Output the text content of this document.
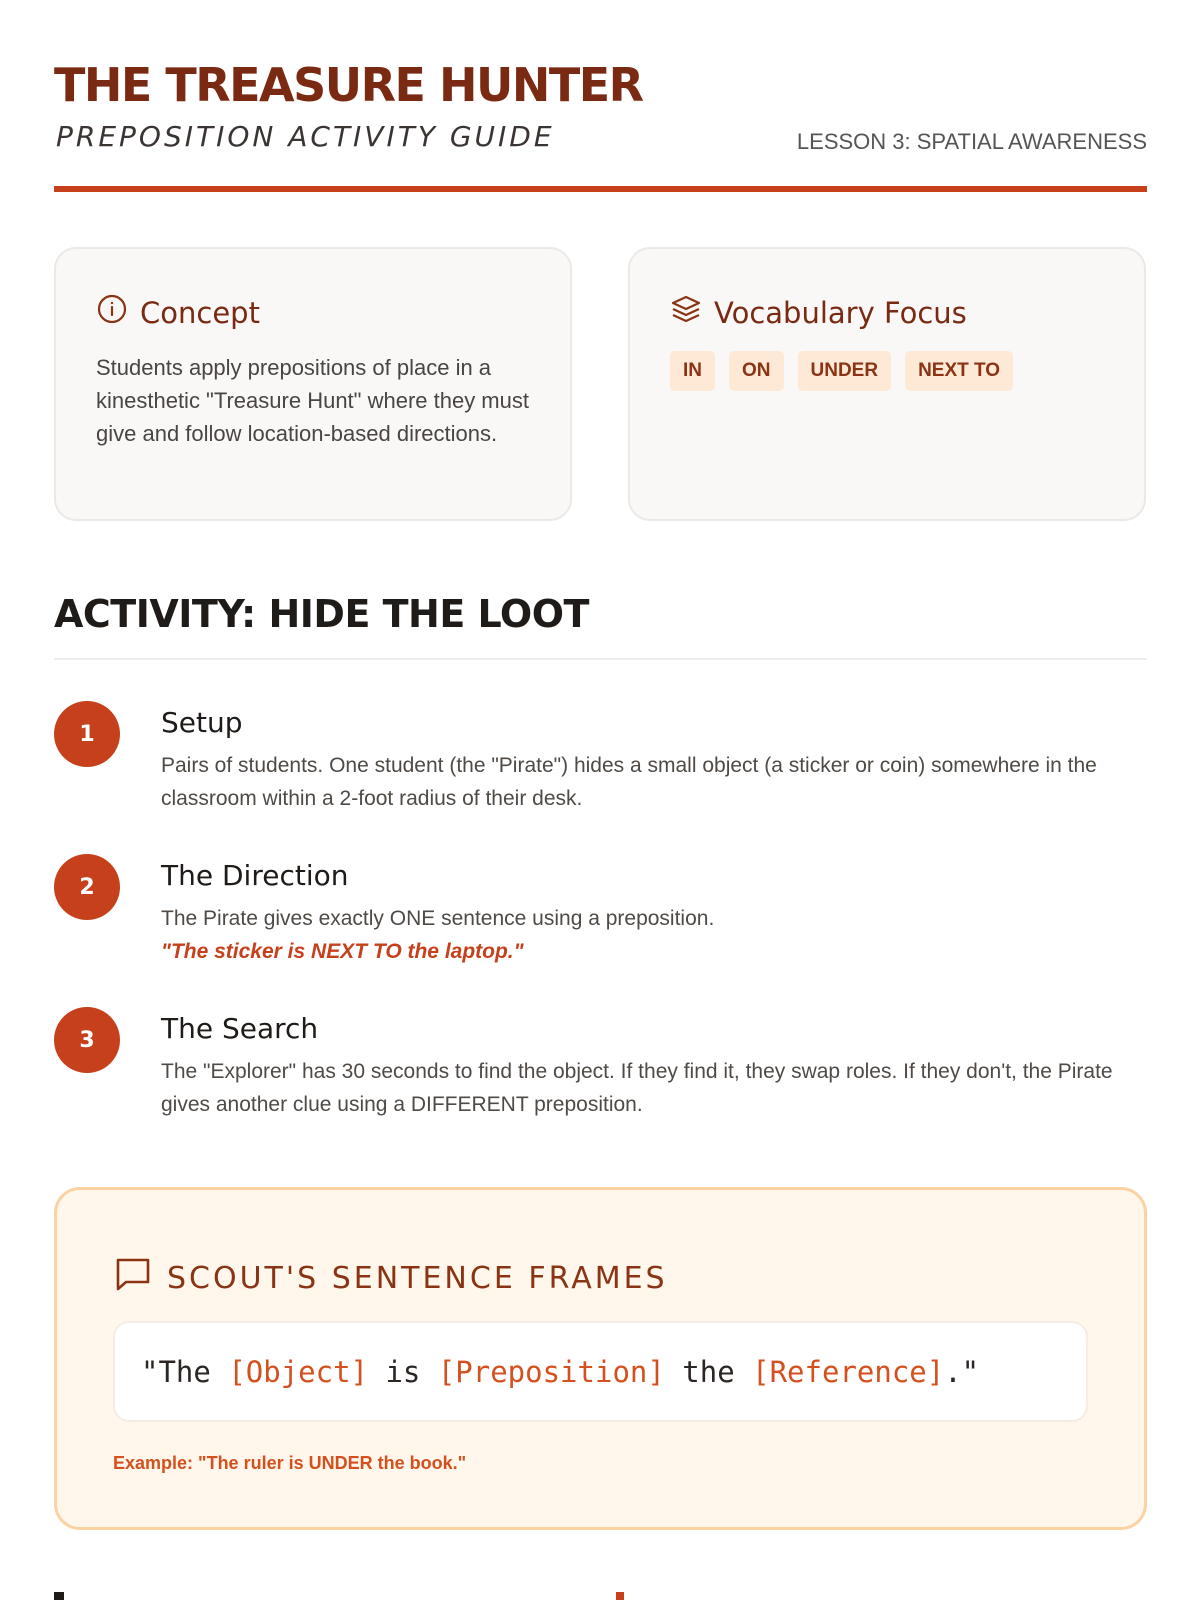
THE TREASURE HUNTER
PREPOSITION ACTIVITY GUIDE	LESSON 3: SPATIAL AWARENESS
Concept
Students apply prepositions of place in a kinesthetic "Treasure Hunt" where they must give and follow location-based directions.
Vocabulary Focus
IN	ON	UNDER	NEXT TO
ACTIVITY: HIDE THE LOOT
1	Setup
Pairs of students. One student (the "Pirate") hides a small object (a sticker or coin) somewhere in the classroom within a 2-foot radius of their desk.
2	The Direction
The Pirate gives exactly ONE sentence using a preposition.
"The sticker is NEXT TO the laptop."
3	The Search
The "Explorer" has 30 seconds to find the object. If they find it, they swap roles. If they don't, the Pirate gives another clue using a DIFFERENT preposition.
SCOUT'S SENTENCE FRAMES
"The [Object] is [Preposition] the [Reference] ."
Example: "The ruler is UNDER the book."
